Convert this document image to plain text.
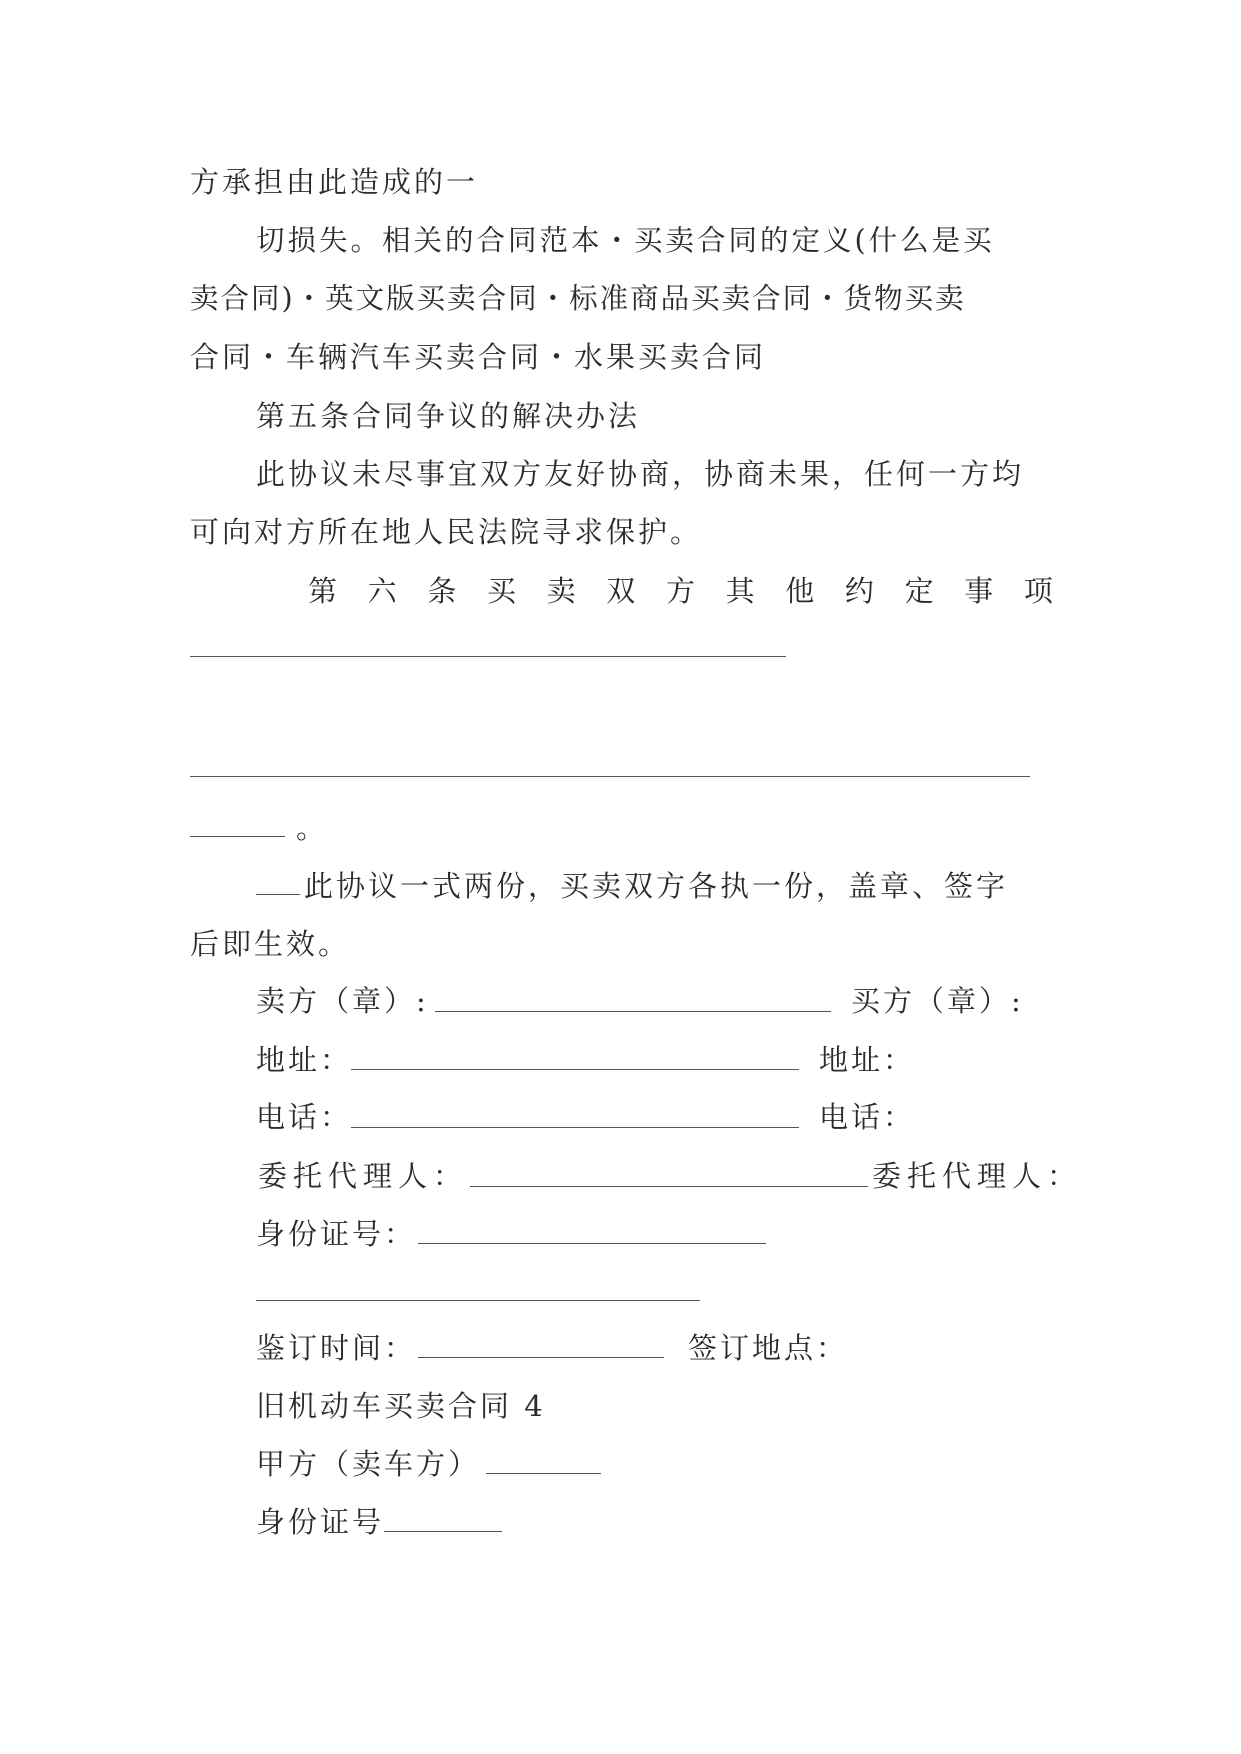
方承担由此造成的一
切损失。相关的合同范本・买卖合同的定义(什么是买
卖合同)・英文版买卖合同・标准商品买卖合同・货物买卖
合同・车辆汽车买卖合同・水果买卖合同
第五条合同争议的解决办法
此协议未尽事宜双方友好协商，协商未果，任何一方均
可向对方所在地人民法院寻求保护。
第 六 条 买 卖 双 方 其 他 约 定 事 项
。
此协议一式两份，买卖双方各执一份，盖章、签字
后即生效。
卖方（章）:	买方（章）:
地址：	地址：
电话：	电话：
委托代理人：	委托代理人：
身份证号：
鉴订时间：	签订地点：
旧机动车买卖合同 4
甲方（卖车方）
身份证号
